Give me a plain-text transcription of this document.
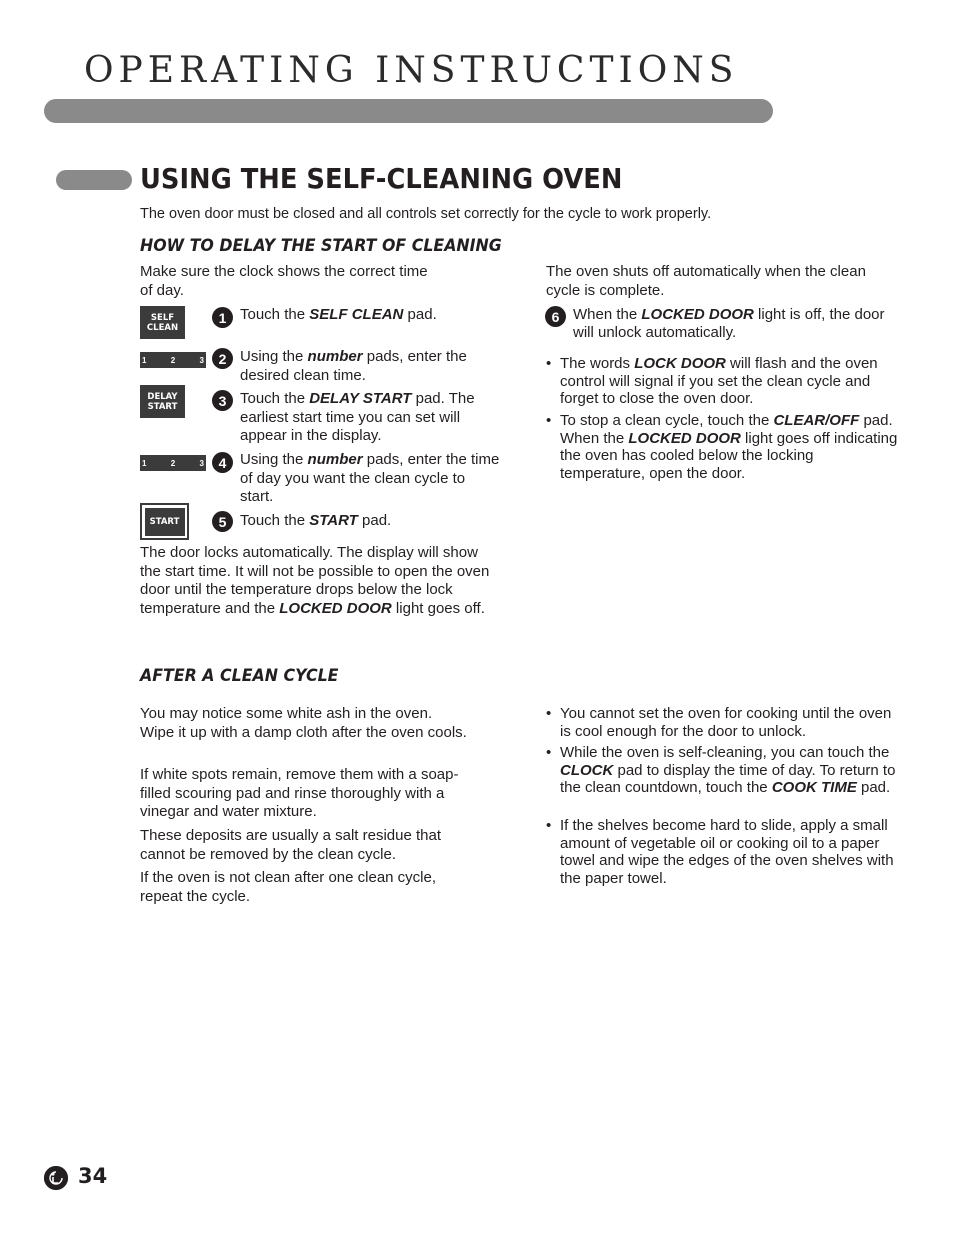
OPERATING INSTRUCTIONS
USING THE SELF-CLEANING OVEN
The oven door must be closed and all controls set correctly for the cycle to work properly.
HOW TO DELAY THE START OF CLEANING
Make sure the clock shows the correct time
of day.
SELF
CLEAN
1	2	3
DELAY
START
1	2	3
START
1 Touch the SELF CLEAN pad.
2 Using the number pads, enter the desired clean time.
3 Touch the DELAY START pad. The earliest start time you can set will appear in the display.
4 Using the number pads, enter the time of day you want the clean cycle to start.
5 Touch the START pad.
The door locks automatically. The display will show the start time. It will not be possible to open the oven door until the temperature drops below the lock temperature and the LOCKED DOOR light goes off.
The oven shuts off automatically when the clean cycle is complete.
6 When the LOCKED DOOR light is off, the door will unlock automatically.
• The words LOCK DOOR will flash and the oven control will signal if you set the clean cycle and forget to close the oven door.
• To stop a clean cycle, touch the CLEAR/OFF pad. When the LOCKED DOOR light goes off indicating the oven has cooled below the locking temperature, open the door.
AFTER A CLEAN CYCLE
You may notice some white ash in the oven. Wipe it up with a damp cloth after the oven cools.
If white spots remain, remove them with a soap-filled scouring pad and rinse thoroughly with a vinegar and water mixture.
These deposits are usually a salt residue that cannot be removed by the clean cycle.
If the oven is not clean after one clean cycle, repeat the cycle.
• You cannot set the oven for cooking until the oven is cool enough for the door to unlock.
• While the oven is self-cleaning, you can touch the CLOCK pad to display the time of day. To return to the clean countdown, touch the COOK TIME pad.
• If the shelves become hard to slide, apply a small amount of vegetable oil or cooking oil to a paper towel and wipe the edges of the oven shelves with the paper towel.
34
